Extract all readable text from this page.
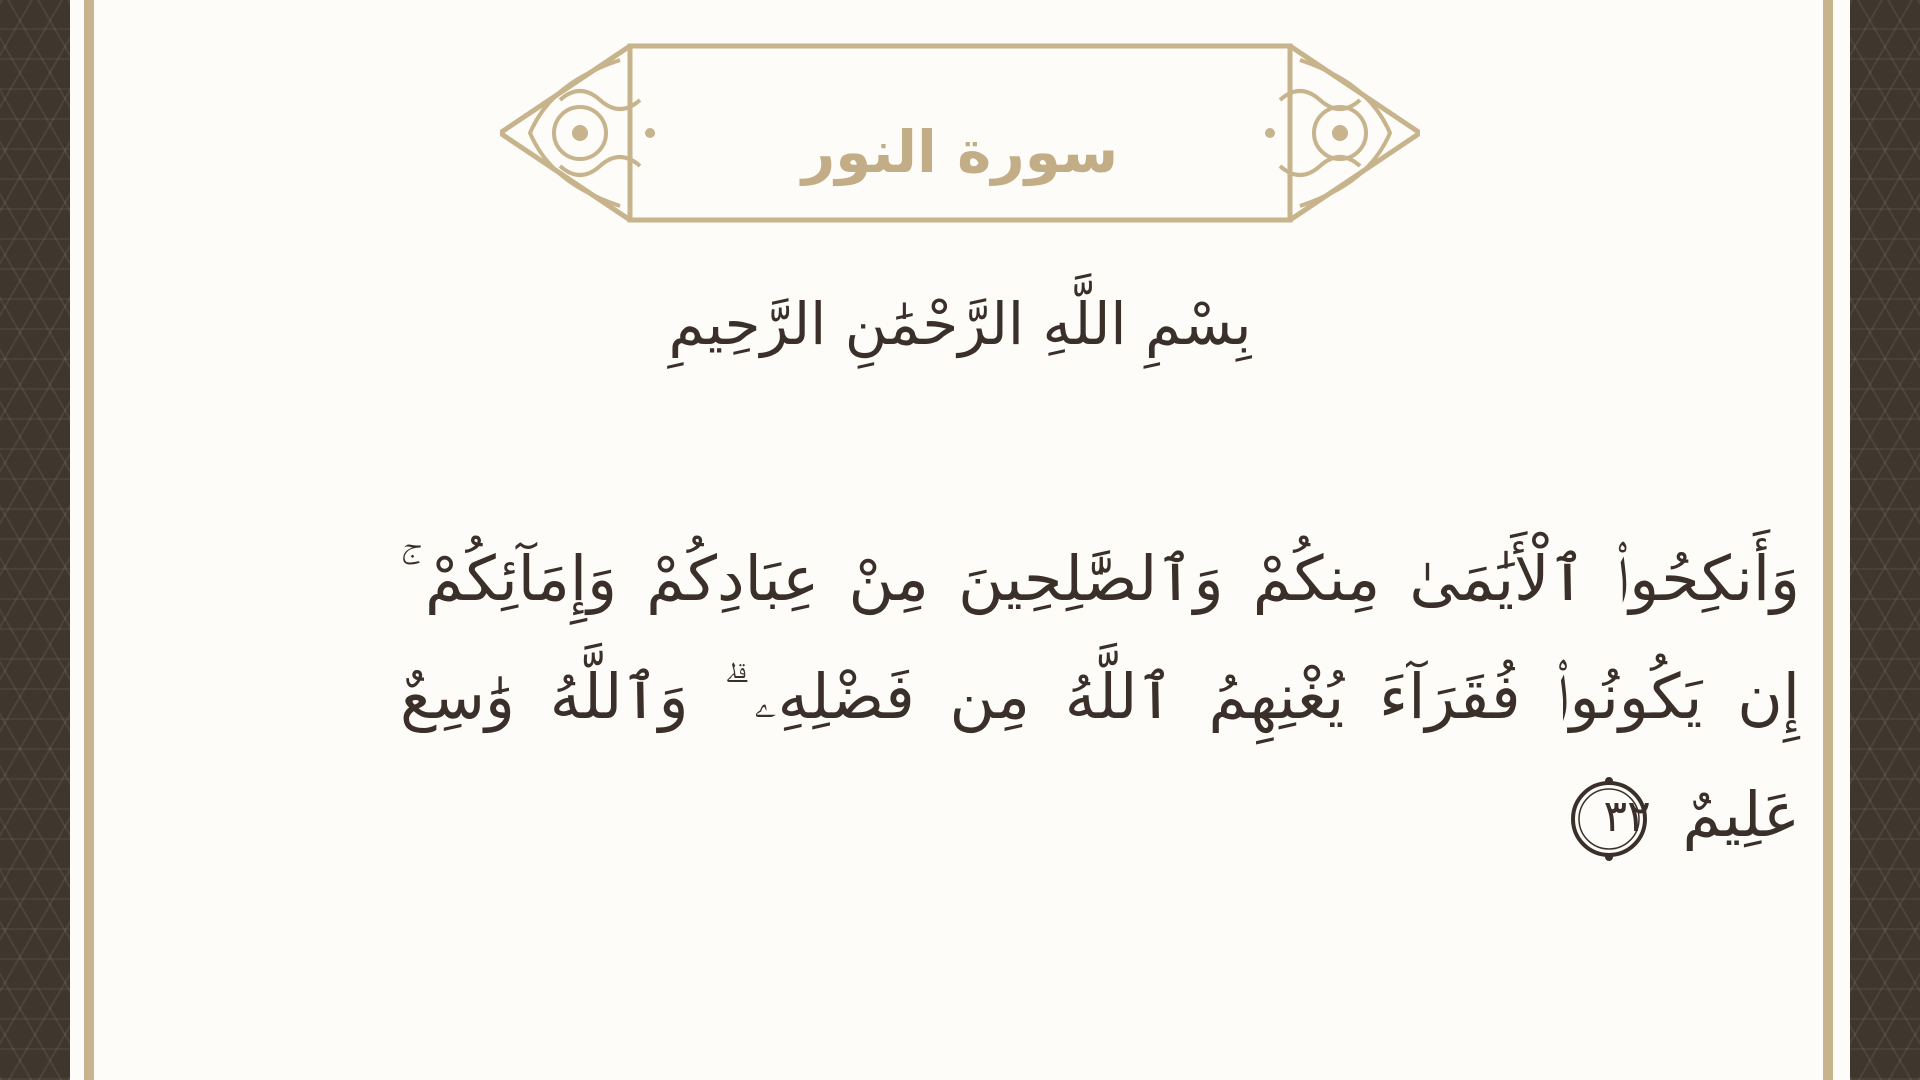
سورة النور
بِسْمِ اللَّهِ الرَّحْمَٰنِ الرَّحِيمِ
وَأَنكِحُوا۟ ٱلْأَيَٰمَىٰ مِنكُمْ وَٱلصَّٰلِحِينَ مِنْ عِبَادِكُمْ وَإِمَآئِكُمْ ۚ إِن يَكُونُوا۟ فُقَرَآءَ يُغْنِهِمُ ٱللَّهُ مِن فَضْلِهِۦ ۗ وَٱللَّهُ وَٰسِعٌ عَلِيمٌ
٣٢
